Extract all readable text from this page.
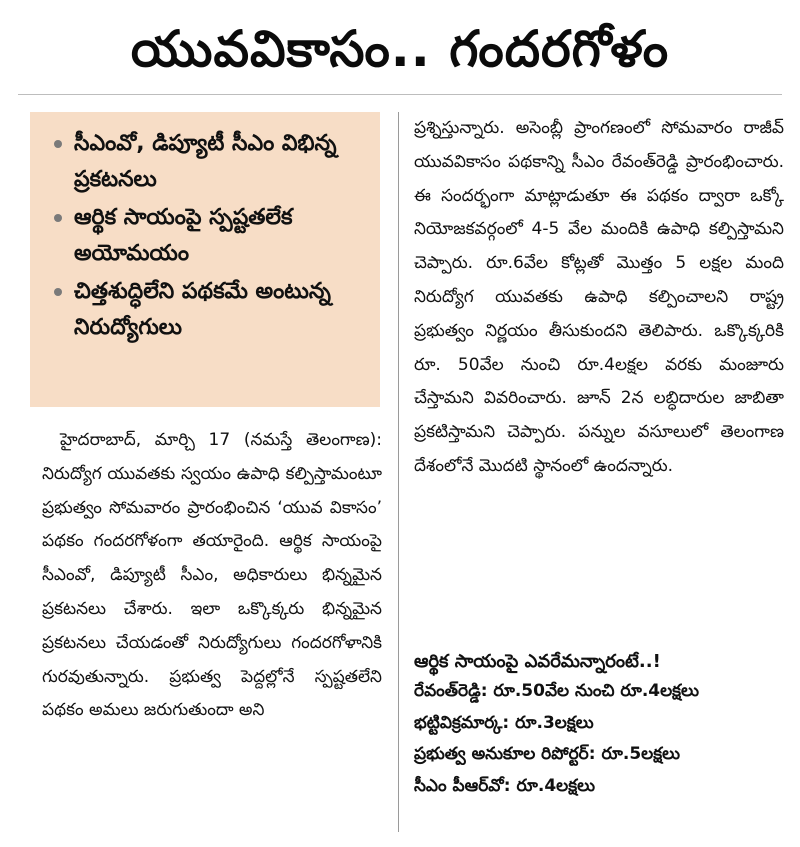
యువవికాసం.. గందరగోళం
సీఎంవో, డిప్యూటీ సీఎం విభిన్న ప్రకటనలు
ఆర్థిక సాయంపై స్పష్టతలేక అయోమయం
చిత్తశుద్ధిలేని పథకమే అంటున్న నిరుద్యోగులు
హైదరాబాద్, మార్చి 17 (నమస్తే తెలంగాణ): నిరుద్యోగ యువతకు స్వయం ఉపాధి కల్పిస్తామంటూ ప్రభుత్వం సోమవారం ప్రారంభించిన ‘యువ వికాసం’ పథకం గందరగోళంగా తయారైంది. ఆర్థిక సాయంపై సీఎంవో, డిప్యూటీ సీఎం, అధికారులు భిన్నమైన ప్రకటనలు చేశారు. ఇలా ఒక్కొక్కరు భిన్నమైన ప్రకటనలు చేయడంతో నిరుద్యోగులు గందరగోళానికి గురవుతున్నారు. ప్రభుత్వ పెద్దల్లోనే స్పష్టతలేని పథకం అమలు జరుగుతుందా అని
ప్రశ్నిస్తున్నారు. అసెంబ్లీ ప్రాంగణంలో సోమవారం రాజీవ్ యువవికాసం పథకాన్ని సీఎం రేవంత్‌రెడ్డి ప్రారంభించారు. ఈ సందర్భంగా మాట్లాడుతూ ఈ పథకం ద్వారా ఒక్కో నియోజకవర్గంలో 4-5 వేల మందికి ఉపాధి కల్పిస్తామని చెప్పారు. రూ.6వేల కోట్లతో మొత్తం 5 లక్షల మంది నిరుద్యోగ యువతకు ఉపాధి కల్పించాలని రాష్ట్ర ప్రభుత్వం నిర్ణయం తీసుకుందని తెలిపారు. ఒక్కొక్కరికి రూ. 50వేల నుంచి రూ.4లక్షల వరకు మంజూరు చేస్తామని వివరించారు. జూన్ 2న లబ్ధిదారుల జాబితా ప్రకటిస్తామని చెప్పారు. పన్నుల వసూలులో తెలంగాణ దేశంలోనే మొదటి స్థానంలో ఉందన్నారు.
ఆర్థిక సాయంపై ఎవరేమన్నారంటే..!
రేవంత్‌రెడ్డి : రూ.50వేల నుంచి రూ.4లక్షలు
భట్టివిక్రమార్క : రూ.3లక్షలు
ప్రభుత్వ అనుకూల రిపోర్టర్ : రూ.5లక్షలు
సీఎం పీఆర్‌వో : రూ.4లక్షలు
